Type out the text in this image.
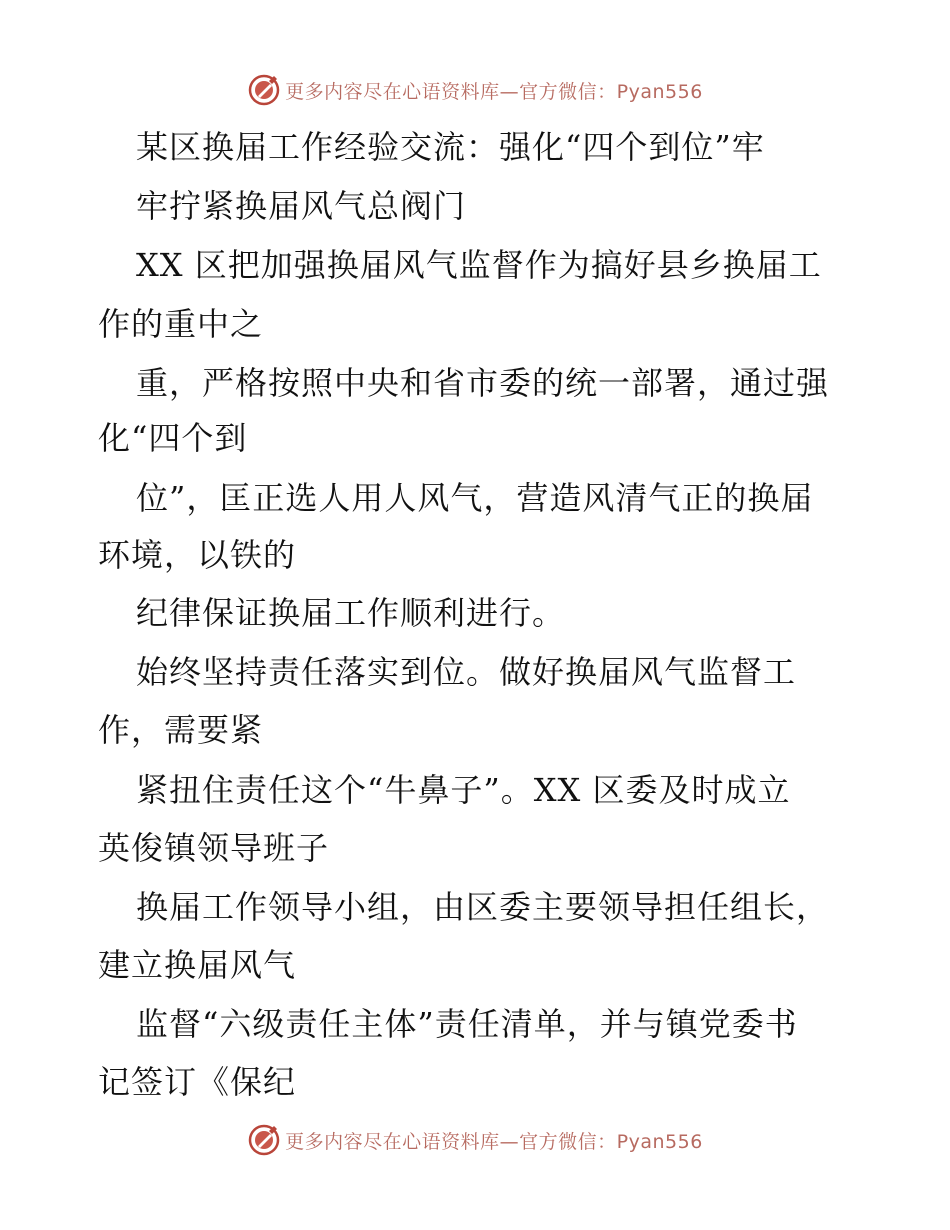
更多内容尽在心语资料库—官方微信：Pyan556
某区换届工作经验交流：强化“四个到位”牢
牢拧紧换届风气总阀门
XX 区把加强换届风气监督作为搞好县乡换届工
作的重中之
重，严格按照中央和省市委的统一部署，通过强
化“四个到
位”，匡正选人用人风气，营造风清气正的换届
环境，以铁的
纪律保证换届工作顺利进行。
始终坚持责任落实到位。做好换届风气监督工
作，需要紧
紧扭住责任这个“牛鼻子”。XX 区委及时成立
英俊镇领导班子
换届工作领导小组，由区委主要领导担任组长，
建立换届风气
监督“六级责任主体”责任清单，并与镇党委书
记签订《保纪
更多内容尽在心语资料库—官方微信：Pyan556
